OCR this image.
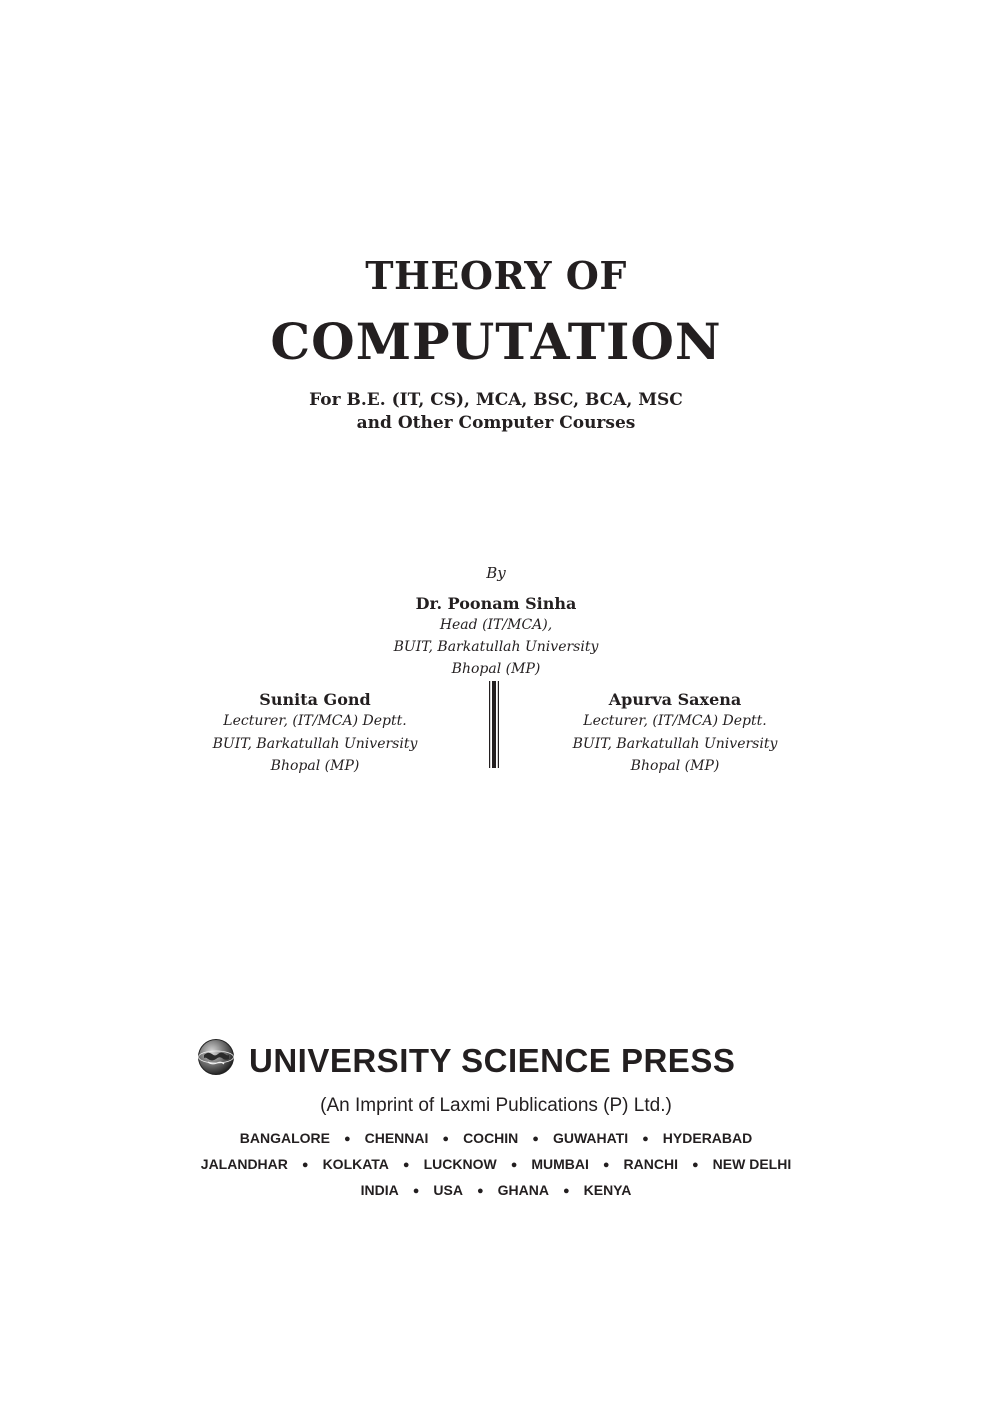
THEORY OF
COMPUTATION
For B.E. (IT, CS), MCA, BSC, BCA, MSC
and Other Computer Courses
By
Dr. Poonam Sinha
Head (IT/MCA),
BUIT, Barkatullah University
Bhopal (MP)
Sunita Gond
Lecturer, (IT/MCA) Deptt.
BUIT, Barkatullah University
Bhopal (MP)
Apurva Saxena
Lecturer, (IT/MCA) Deptt.
BUIT, Barkatullah University
Bhopal (MP)
UNIVERSITY SCIENCE PRESS
(An Imprint of Laxmi Publications (P) Ltd.)
BANGALORE ● CHENNAI ● COCHIN ● GUWAHATI ● HYDERABAD
JALANDHAR ● KOLKATA ● LUCKNOW ● MUMBAI ● RANCHI ● NEW DELHI
INDIA ● USA ● GHANA ● KENYA
